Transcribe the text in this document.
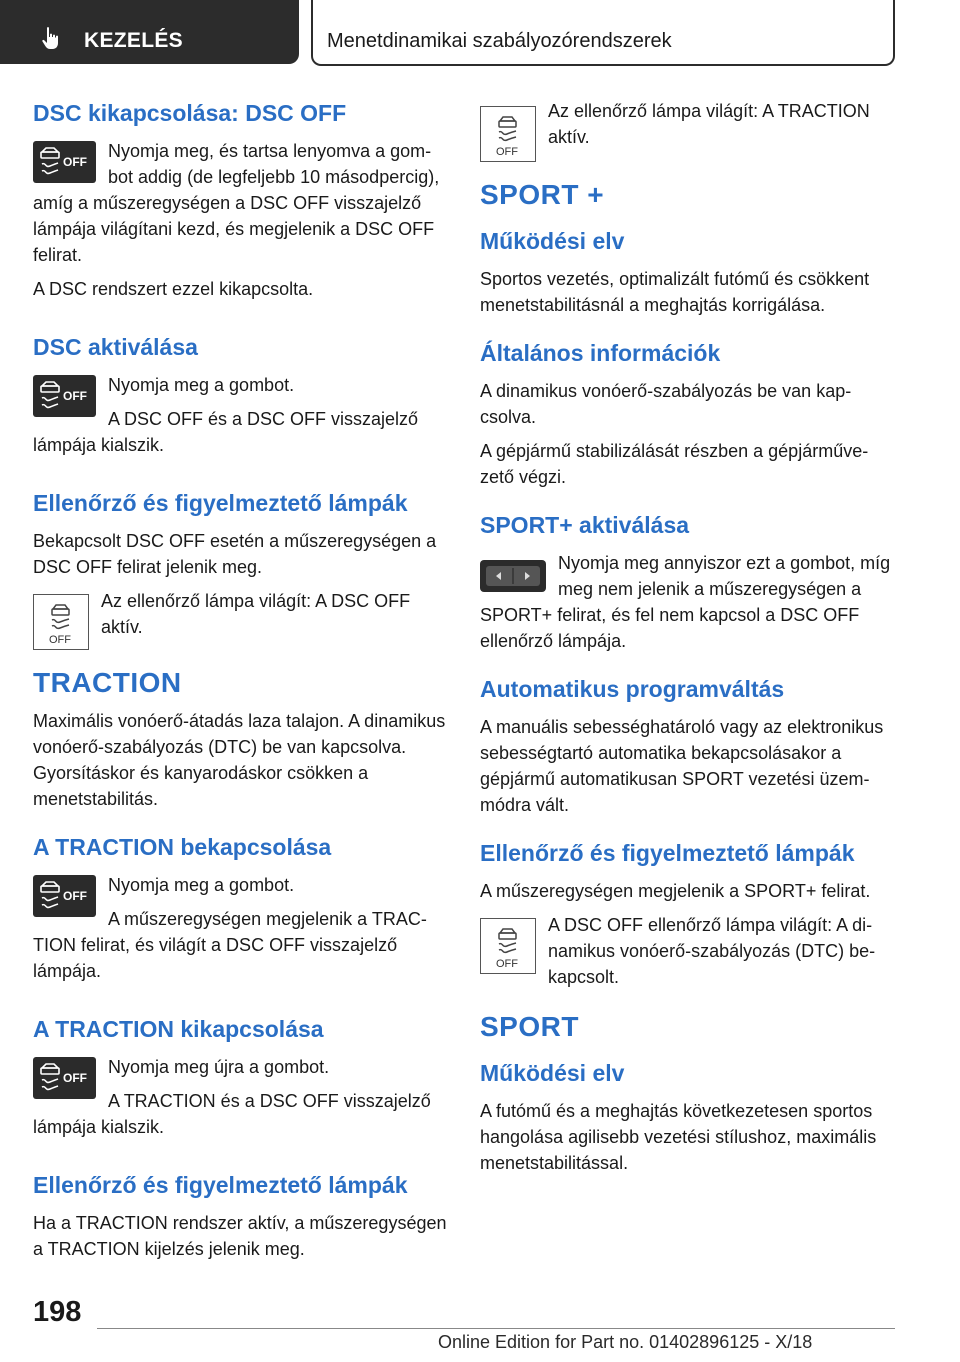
KEZELÉS	Menetdinamikai szabályozórendszerek
DSC kikapcsolása: DSC OFF
OFF

Nyomja meg, és tartsa lenyomva a gombot addig (de legfeljebb 10 másodpercig), amíg a műszeregységen a DSC OFF visszajelző lámpája világítani kezd, és megjelenik a DSC OFF felirat.

A DSC rendszert ezzel kikapcsolta.

DSC aktiválása
OFF

Nyomja meg a gombot.

A DSC OFF és a DSC OFF visszajelző lámpája kialszik.

Ellenőrző és figyelmeztető lámpák

Bekapcsolt DSC OFF esetén a műszeregységen a DSC OFF felirat jelenik meg.

OFF

Az ellenőrző lámpa világít: A DSC OFF aktív.

TRACTION

Maximális vonóerő-átadás laza talajon. A dinamikus vonóerő-szabályozás (DTC) be van kapcsolva. Gyorsításkor és kanyarodáskor csökken a menetstabilitás.

A TRACTION bekapcsolása
OFF

Nyomja meg a gombot.

A műszeregységen megjelenik a TRACTION felirat, és világít a DSC OFF visszajelző lámpája.

A TRACTION kikapcsolása
OFF

Nyomja meg újra a gombot.

A TRACTION és a DSC OFF visszajelző lámpája kialszik.

Ellenőrző és figyelmeztető lámpák

Ha a TRACTION rendszer aktív, a műszeregységen a TRACTION kijelzés jelenik meg.

OFF

Az ellenőrző lámpa világít: A TRACTION aktív.

SPORT +
Működési elv

Sportos vezetés, optimalizált futómű és csökkent menetstabilitásnál a meghajtás korrigálása.

Általános információk

A dinamikus vonóerő-szabályozás be van kapcsolva.

A gépjármű stabilizálását részben a gépjárművezető végzi.

SPORT+ aktiválása

Nyomja meg annyiszor ezt a gombot, míg meg nem jelenik a műszeregységen a SPORT+ felirat, és fel nem kapcsol a DSC OFF ellenőrző lámpája.

Automatikus programváltás

A manuális sebességhatároló vagy az elektronikus sebességtartó automatika bekapcsolásakor a gépjármű automatikusan SPORT vezetési üzemmódra vált.

Ellenőrző és figyelmeztető lámpák

A műszeregységen megjelenik a SPORT+ felirat.

OFF

A DSC OFF ellenőrző lámpa világít: A dinamikus vonóerő-szabályozás (DTC) bekapcsolt.

SPORT
Működési elv

A futómű és a meghajtás következetesen sportos hangolása agilisebb vezetési stílushoz, maximális menetstabilitással.

198
Online Edition for Part no. 01402896125 - X/18
